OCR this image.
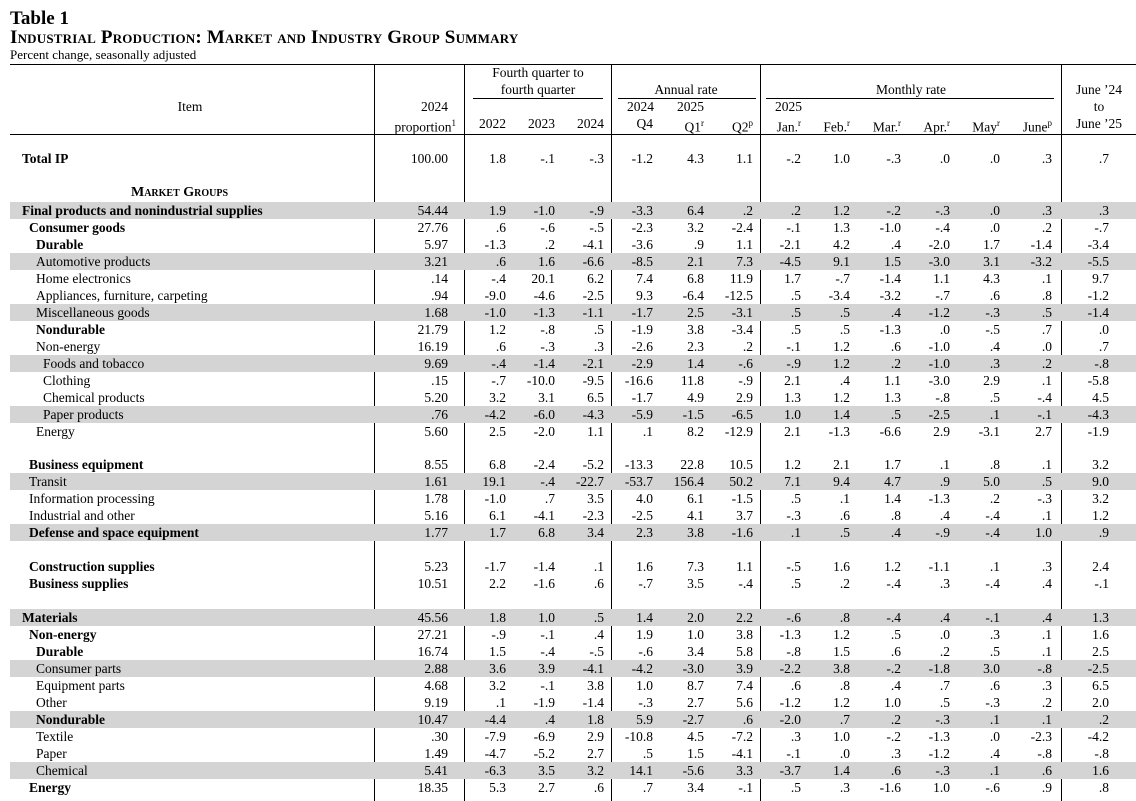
Table 1
Industrial Production: Market and Industry Group Summary
Percent change, seasonally adjusted
Item	2024
proportion$^1$
Fourth quarter to
fourth quarter	Annual rate	Monthly rate	June ’24
to
June ’25
2024	2025	2025
2022	2023	2024	Q4	Q1$^r$	Q2$^p$	Jan.$^r$	Feb.$^r$	Mar.$^r$	Apr.$^r$	May$^r$	June$^p$
Total IP	100.00	1.8	-.1	-.3	-1.2	4.3	1.1	-.2	1.0	-.3	.0	.0	.3	.7
Market Groups
Final products and nonindustrial supplies	54.44	1.9	-1.0	-.9	-3.3	6.4	.2	.2	1.2	-.2	-.3	.0	.3	.3
Consumer goods	27.76	.6	-.6	-.5	-2.3	3.2	-2.4	-.1	1.3	-1.0	-.4	.0	.2	-.7
Durable	5.97	-1.3	.2	-4.1	-3.6	.9	1.1	-2.1	4.2	.4	-2.0	1.7	-1.4	-3.4
Automotive products	3.21	.6	1.6	-6.6	-8.5	2.1	7.3	-4.5	9.1	1.5	-3.0	3.1	-3.2	-5.5
Home electronics	.14	-.4	20.1	6.2	7.4	6.8	11.9	1.7	-.7	-1.4	1.1	4.3	.1	9.7
Appliances, furniture, carpeting	.94	-9.0	-4.6	-2.5	9.3	-6.4	-12.5	.5	-3.4	-3.2	-.7	.6	.8	-1.2
Miscellaneous goods	1.68	-1.0	-1.3	-1.1	-1.7	2.5	-3.1	.5	.5	.4	-1.2	-.3	.5	-1.4
Nondurable	21.79	1.2	-.8	.5	-1.9	3.8	-3.4	.5	.5	-1.3	.0	-.5	.7	.0
Non-energy	16.19	.6	-.3	.3	-2.6	2.3	.2	-.1	1.2	.6	-1.0	.4	.0	.7
Foods and tobacco	9.69	-.4	-1.4	-2.1	-2.9	1.4	-.6	-.9	1.2	.2	-1.0	.3	.2	-.8
Clothing	.15	-.7	-10.0	-9.5	-16.6	11.8	-.9	2.1	.4	1.1	-3.0	2.9	.1	-5.8
Chemical products	5.20	3.2	3.1	6.5	-1.7	4.9	2.9	1.3	1.2	1.3	-.8	.5	-.4	4.5
Paper products	.76	-4.2	-6.0	-4.3	-5.9	-1.5	-6.5	1.0	1.4	.5	-2.5	.1	-.1	-4.3
Energy	5.60	2.5	-2.0	1.1	.1	8.2	-12.9	2.1	-1.3	-6.6	2.9	-3.1	2.7	-1.9
Business equipment	8.55	6.8	-2.4	-5.2	-13.3	22.8	10.5	1.2	2.1	1.7	.1	.8	.1	3.2
Transit	1.61	19.1	-.4	-22.7	-53.7	156.4	50.2	7.1	9.4	4.7	.9	5.0	.5	9.0
Information processing	1.78	-1.0	.7	3.5	4.0	6.1	-1.5	.5	.1	1.4	-1.3	.2	-.3	3.2
Industrial and other	5.16	6.1	-4.1	-2.3	-2.5	4.1	3.7	-.3	.6	.8	.4	-.4	.1	1.2
Defense and space equipment	1.77	1.7	6.8	3.4	2.3	3.8	-1.6	.1	.5	.4	-.9	-.4	1.0	.9
Construction supplies	5.23	-1.7	-1.4	.1	1.6	7.3	1.1	-.5	1.6	1.2	-1.1	.1	.3	2.4
Business supplies	10.51	2.2	-1.6	.6	-.7	3.5	-.4	.5	.2	-.4	.3	-.4	.4	-.1
Materials	45.56	1.8	1.0	.5	1.4	2.0	2.2	-.6	.8	-.4	.4	-.1	.4	1.3
Non-energy	27.21	-.9	-.1	.4	1.9	1.0	3.8	-1.3	1.2	.5	.0	.3	.1	1.6
Durable	16.74	1.5	-.4	-.5	-.6	3.4	5.8	-.8	1.5	.6	.2	.5	.1	2.5
Consumer parts	2.88	3.6	3.9	-4.1	-4.2	-3.0	3.9	-2.2	3.8	-.2	-1.8	3.0	-.8	-2.5
Equipment parts	4.68	3.2	-.1	3.8	1.0	8.7	7.4	.6	.8	.4	.7	.6	.3	6.5
Other	9.19	.1	-1.9	-1.4	-.3	2.7	5.6	-1.2	1.2	1.0	.5	-.3	.2	2.0
Nondurable	10.47	-4.4	.4	1.8	5.9	-2.7	.6	-2.0	.7	.2	-.3	.1	.1	.2
Textile	.30	-7.9	-6.9	2.9	-10.8	4.5	-7.2	.3	1.0	-.2	-1.3	.0	-2.3	-4.2
Paper	1.49	-4.7	-5.2	2.7	.5	1.5	-4.1	-.1	.0	.3	-1.2	.4	-.8	-.8
Chemical	5.41	-6.3	3.5	3.2	14.1	-5.6	3.3	-3.7	1.4	.6	-.3	.1	.6	1.6
Energy	18.35	5.3	2.7	.6	.7	3.4	-.1	.5	.3	-1.6	1.0	-.6	.9	.8
